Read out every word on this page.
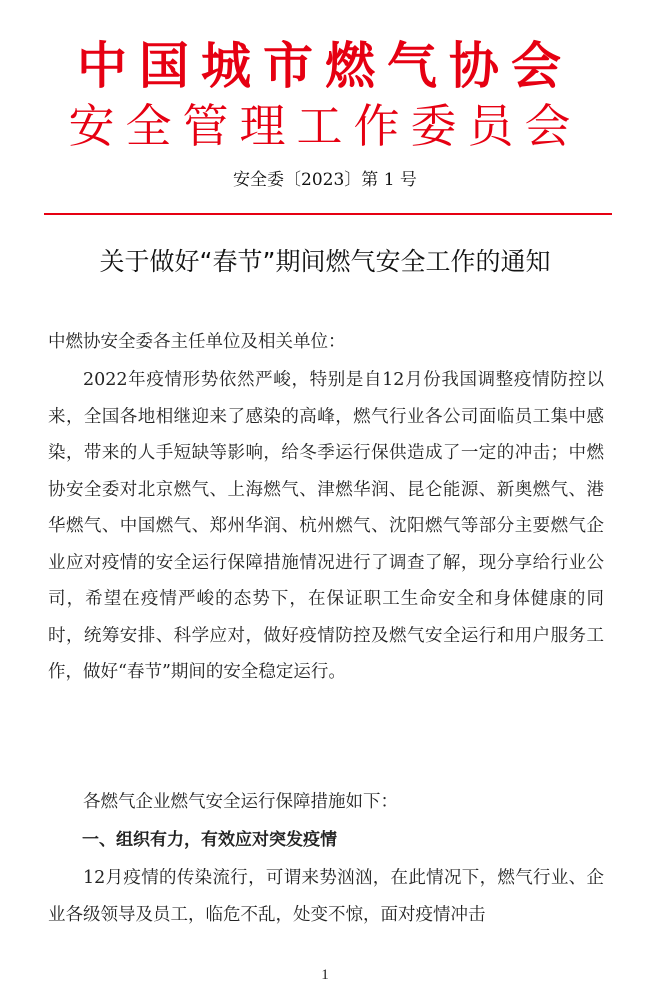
中国城市燃气协会
安全管理工作委员会
安全委〔2023〕第 1 号
关于做好“春节”期间燃气安全工作的通知
中燃协安全委各主任单位及相关单位：
2022年疫情形势依然严峻，特别是自12月份我国调整疫情防控以来，全国各地相继迎来了感染的高峰，燃气行业各公司面临员工集中感染，带来的人手短缺等影响，给冬季运行保供造成了一定的冲击；中燃协安全委对北京燃气、上海燃气、津燃华润、昆仑能源、新奥燃气、港华燃气、中国燃气、郑州华润、杭州燃气、沈阳燃气等部分主要燃气企业应对疫情的安全运行保障措施情况进行了调查了解，现分享给行业公司，希望在疫情严峻的态势下，在保证职工生命安全和身体健康的同时，统筹安排、科学应对，做好疫情防控及燃气安全运行和用户服务工作，做好“春节”期间的安全稳定运行。
各燃气企业燃气安全运行保障措施如下：
一、组织有力，有效应对突发疫情
12月疫情的传染流行，可谓来势汹汹，在此情况下，燃气行业、企业各级领导及员工，临危不乱，处变不惊，面对疫情冲击
1
